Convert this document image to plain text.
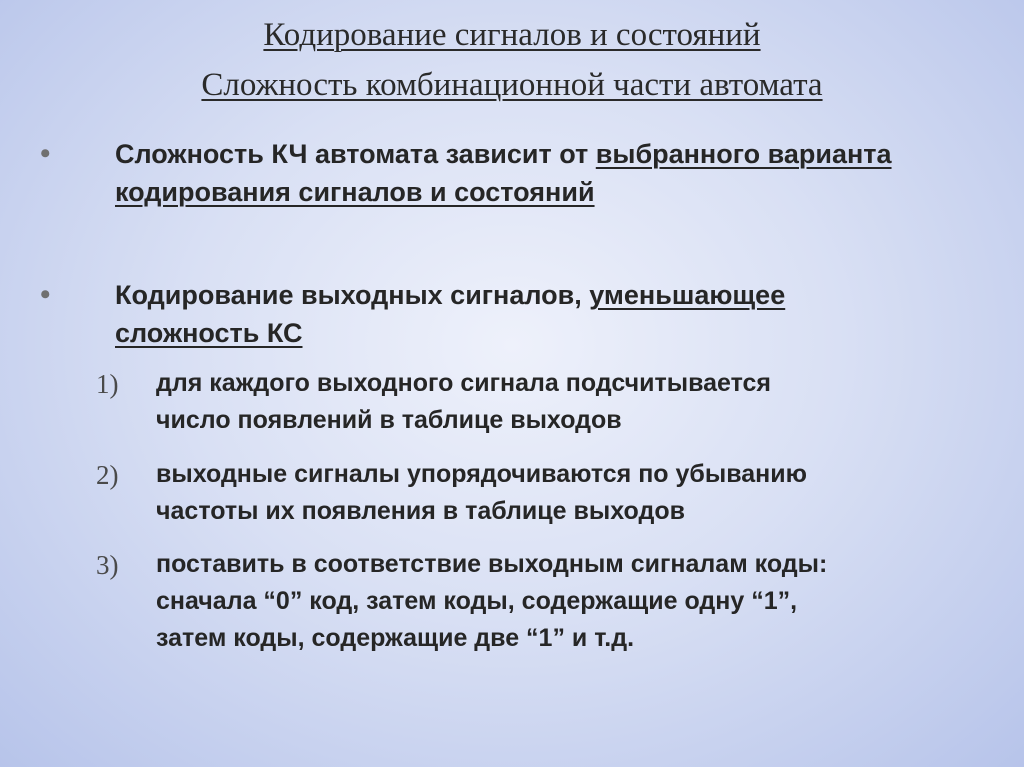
Кодирование сигналов и состояний
Сложность комбинационной части автомата
•	Сложность КЧ автомата зависит от выбранного варианта кодирования сигналов и состояний
•	Кодирование выходных сигналов, уменьшающее сложность КС
1) для каждого выходного сигнала подсчитывается
число появлений в таблице выходов
2) выходные сигналы упорядочиваются по убыванию
частоты их появления в таблице выходов
3) поставить в соответствие выходным сигналам коды:
сначала “0” код, затем коды, содержащие одну “1”,
затем коды, содержащие две “1” и т.д.
